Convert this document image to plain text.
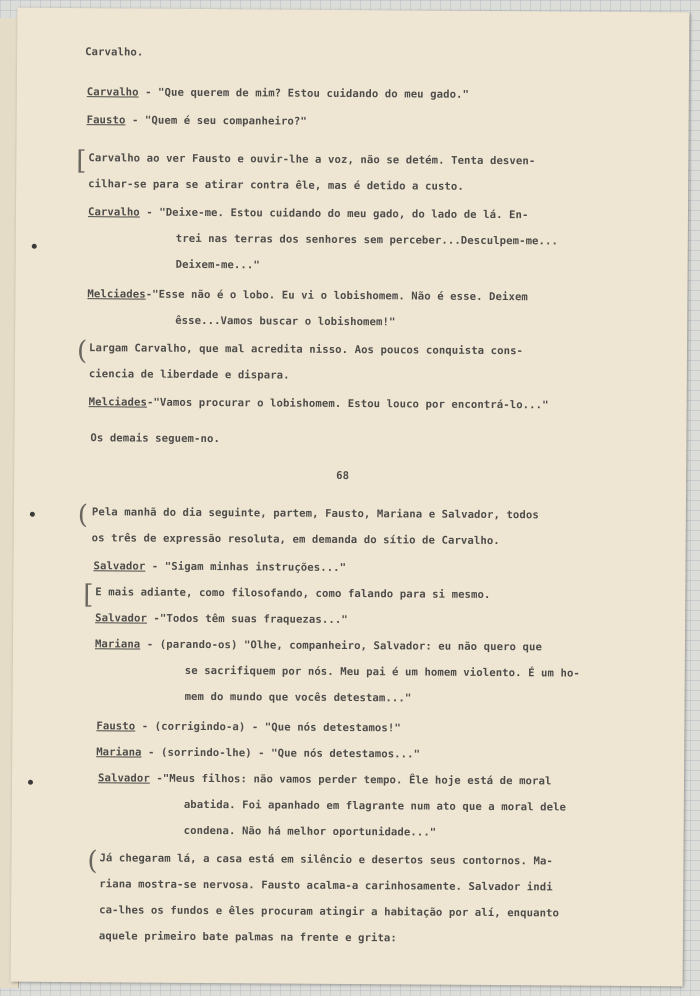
Carvalho.
Carvalho - "Que querem de mim? Estou cuidando do meu gado."
Fausto - "Quem é seu companheiro?"
[ Carvalho ao ver Fausto e ouvir-lhe a voz, não se detém. Tenta desven-
cilhar-se para se atirar contra êle, mas é detido a custo.
Carvalho - "Deixe-me. Estou cuidando do meu gado, do lado de lá. En-
trei nas terras dos senhores sem perceber...Desculpem-me...
Deixem-me..."
Melciades-"Esse não é o lobo. Eu vi o lobishomem. Não é esse. Deixem
êsse...Vamos buscar o lobishomem!"
( Largam Carvalho, que mal acredita nisso. Aos poucos conquista cons-
ciencia de liberdade e dispara.
Melciades-"Vamos procurar o lobishomem. Estou louco por encontrá-lo..."
Os demais seguem-no.
68
( Pela manhã do dia seguinte, partem, Fausto, Mariana e Salvador, todos
os três de expressão resoluta, em demanda do sítio de Carvalho.
Salvador - "Sigam minhas instruções..."
[ E mais adiante, como filosofando, como falando para si mesmo.
Salvador -"Todos têm suas fraquezas..."
Mariana - (parando-os) "Olhe, companheiro, Salvador: eu não quero que
se sacrifiquem por nós. Meu pai é um homem violento. É um ho-
mem do mundo que vocês detestam..."
Fausto - (corrigindo-a) - "Que nós detestamos!"
Mariana - (sorrindo-lhe) - "Que nós detestamos..."
Salvador -"Meus filhos: não vamos perder tempo. Êle hoje está de moral
abatida. Foi apanhado em flagrante num ato que a moral dele
condena. Não há melhor oportunidade..."
( Já chegaram lá, a casa está em silêncio e desertos seus contornos. Ma-
riana mostra-se nervosa. Fausto acalma-a carinhosamente. Salvador indi
ca-lhes os fundos e êles procuram atingir a habitação por alí, enquanto
aquele primeiro bate palmas na frente e grita:
